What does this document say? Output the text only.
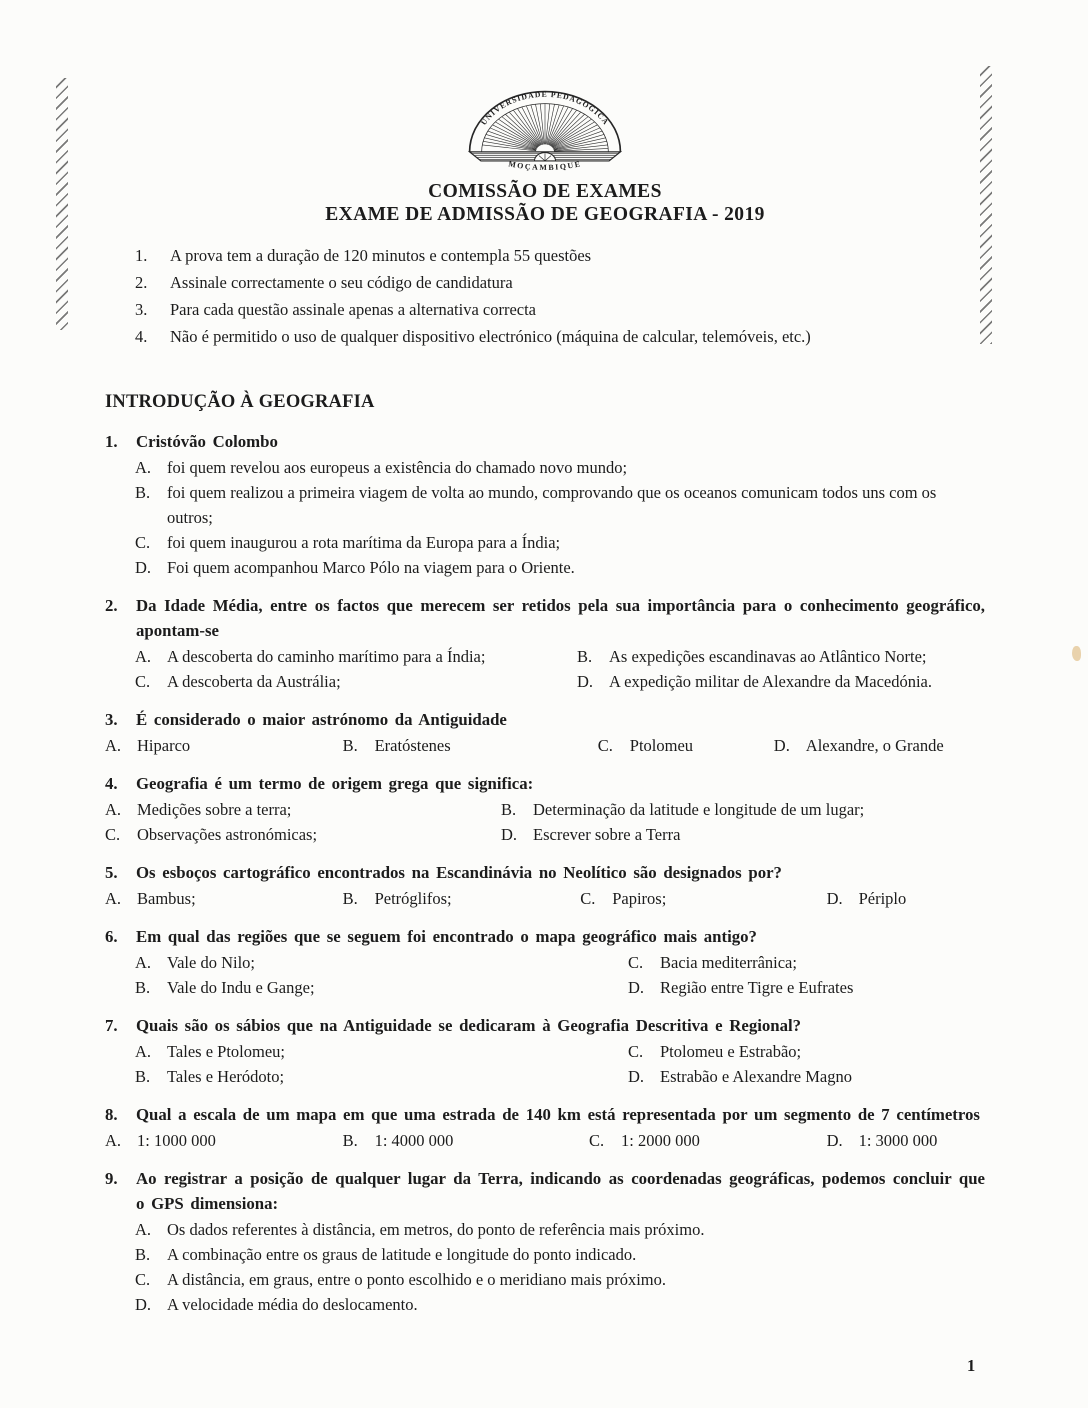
UNIVERSIDADE PEDAGOGICA
MOÇAMBIQUE
COMISSÃO DE EXAMES
EXAME DE ADMISSÃO DE GEOGRAFIA - 2019
1.	A prova tem a duração de 120 minutos e contempla 55 questões
2.	Assinale correctamente o seu código de candidatura
3.	Para cada questão assinale apenas a alternativa correcta
4.	Não é permitido o uso de qualquer dispositivo electrónico (máquina de calcular, telemóveis, etc.)
INTRODUÇÃO À GEOGRAFIA
1.	Cristóvão Colombo
A. foi quem revelou aos europeus a existência do chamado novo mundo;
B.	foi quem realizou a primeira viagem de volta ao mundo, comprovando que os oceanos comunicam todos uns com os outros;
C.	foi quem inaugurou a rota marítima da Europa para a Índia;
D. Foi quem acompanhou Marco Pólo na viagem para o Oriente.
2.	Da Idade Média, entre os factos que merecem ser retidos pela sua importância para o conhecimento geográfico, apontam-se
A. A descoberta do caminho marítimo para a Índia;	B.	As expedições escandinavas ao Atlântico Norte;
C.	A descoberta da Austrália;	D. A expedição militar de Alexandre da Macedónia.
3.	É considerado o maior astrónomo da Antiguidade
A. Hiparco	B.	Eratóstenes	C.	Ptolomeu	D. Alexandre, o Grande
4.	Geografia é um termo de origem grega que significa:
A. Medições sobre a terra;	B.	Determinação da latitude e longitude de um lugar;
C.	Observações astronómicas;	D. Escrever sobre a Terra
5.	Os esboços cartográfico encontrados na Escandinávia no Neolítico são designados por?
A. Bambus;	B.	Petróglifos;	C.	Papiros;	D. Périplo
6.	Em qual das regiões que se seguem foi encontrado o mapa geográfico mais antigo?
A. Vale do Nilo;	C.	Bacia mediterrânica;
B.	Vale do Indu e Gange;	D. Região entre Tigre e Eufrates
7.	Quais são os sábios que na Antiguidade se dedicaram à Geografia Descritiva e Regional?
A. Tales e Ptolomeu;	C.	Ptolomeu e Estrabão;
B.	Tales e Heródoto;	D. Estrabão e Alexandre Magno
8.	Qual a escala de um mapa em que uma estrada de 140 km está representada por um segmento de 7 centímetros
A. 1: 1000 000	B.	1: 4000 000	C.	1: 2000 000	D. 1: 3000 000
9.	Ao registrar a posição de qualquer lugar da Terra, indicando as coordenadas geográficas, podemos concluir que o GPS dimensiona:
A. Os dados referentes à distância, em metros, do ponto de referência mais próximo.
B.	A combinação entre os graus de latitude e longitude do ponto indicado.
C.	A distância, em graus, entre o ponto escolhido e o meridiano mais próximo.
D. A velocidade média do deslocamento.
1
